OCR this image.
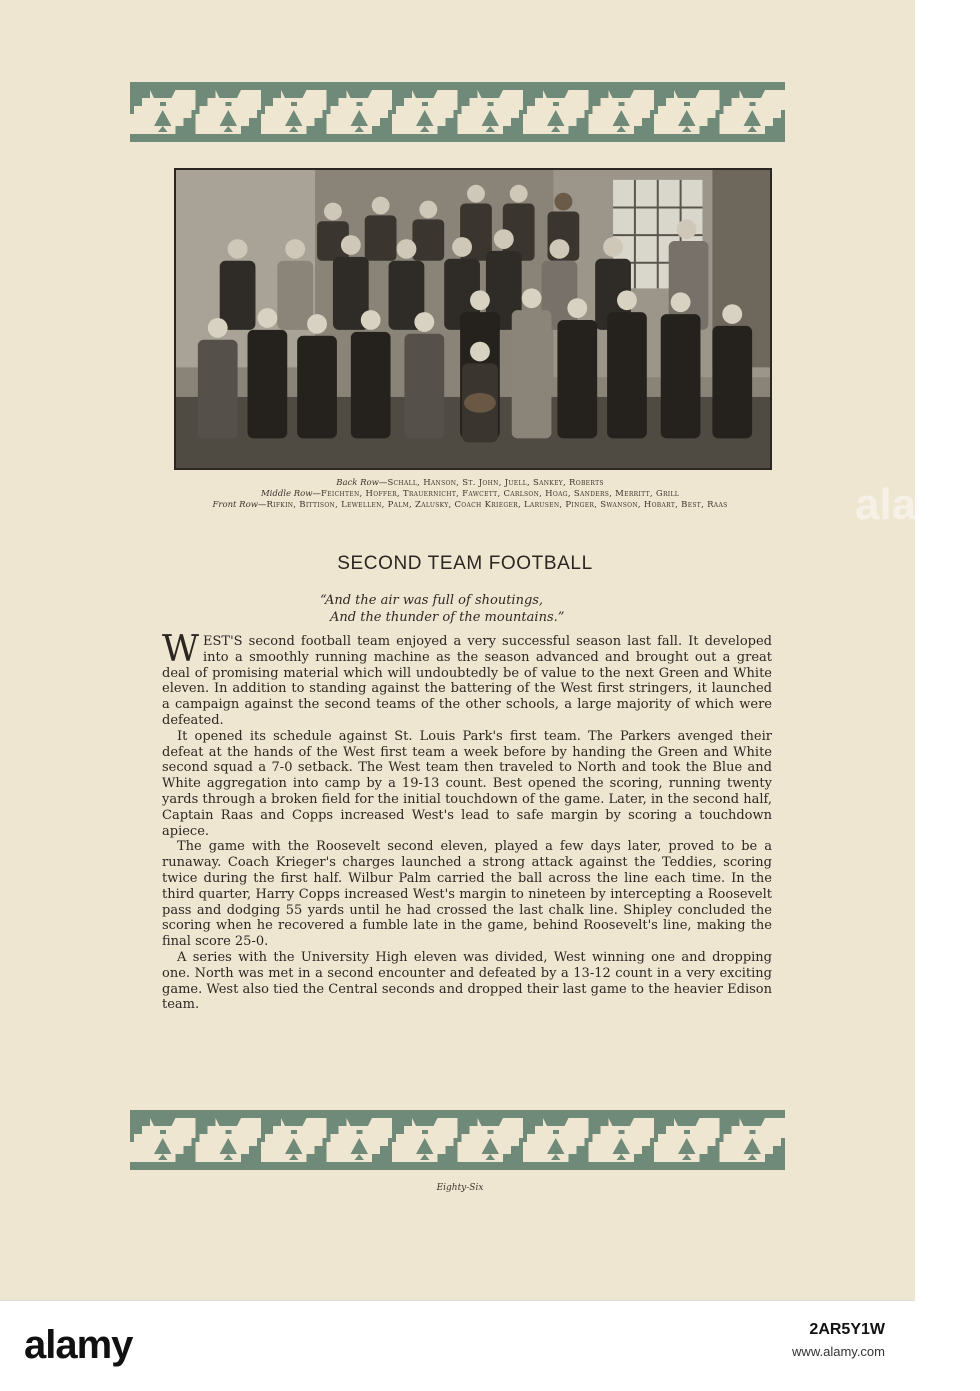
Back Row—Schall, Hanson, St. John, Juell, Sankey, Roberts
Middle Row—Feichten, Hoffer, Trauernicht, Fawcett, Carlson, Hoag, Sanders, Merritt, Grill
Front Row—Rifkin, Bittison, Lewellen, Palm, Zalusky, Coach Krieger, Larusen, Pinger, Swanson, Hobart, Best, Raas
SECOND TEAM FOOTBALL
“And the air was full of shoutings,
And the thunder of the mountains.”

WEST'S second football team enjoyed a very successful season last fall. It developed into a smoothly running machine as the season advanced and brought out a great deal of promising material which will undoubtedly be of value to the next Green and White eleven. In addition to standing against the battering of the West first stringers, it launched a campaign against the second teams of the other schools, a large majority of which were defeated.

It opened its schedule against St. Louis Park's first team. The Parkers avenged their defeat at the hands of the West first team a week before by handing the Green and White second squad a 7-0 setback. The West team then traveled to North and took the Blue and White aggregation into camp by a 19-13 count. Best opened the scoring, running twenty yards through a broken field for the initial touchdown of the game. Later, in the second half, Captain Raas and Copps increased West's lead to safe margin by scoring a touchdown apiece.

The game with the Roosevelt second eleven, played a few days later, proved to be a runaway. Coach Krieger's charges launched a strong attack against the Teddies, scoring twice during the first half. Wilbur Palm carried the ball across the line each time. In the third quarter, Harry Copps increased West's margin to nineteen by intercepting a Roosevelt pass and dodging 55 yards until he had crossed the last chalk line. Shipley concluded the scoring when he recovered a fumble late in the game, behind Roosevelt's line, making the final score 25-0.

A series with the University High eleven was divided, West winning one and dropping one. North was met in a second encounter and defeated by a 13-12 count in a very exciting game. West also tied the Central seconds and dropped their last game to the heavier Edison team.

Eighty-Six
alamy
alamy	2AR5Y1W
www.alamy.com
